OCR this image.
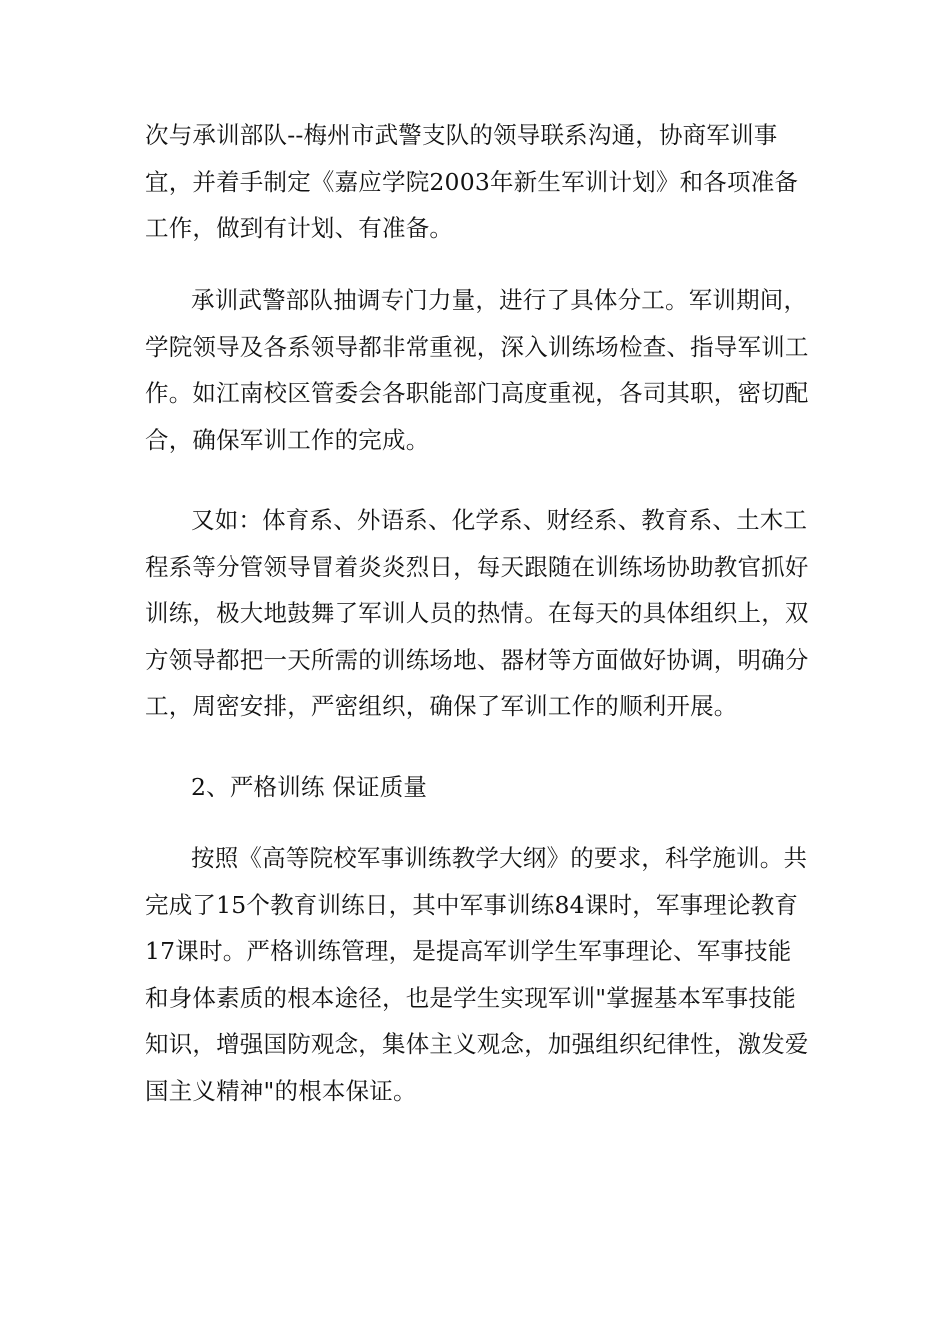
次与承训部队--梅州市武警支队的领导联系沟通，协商军训事
宜，并着手制定《嘉应学院2003年新生军训计划》和各项准备
工作，做到有计划、有准备。
承训武警部队抽调专门力量，进行了具体分工。军训期间，
学院领导及各系领导都非常重视，深入训练场检查、指导军训工
作。如江南校区管委会各职能部门高度重视，各司其职，密切配
合，确保军训工作的完成。
又如：体育系、外语系、化学系、财经系、教育系、土木工
程系等分管领导冒着炎炎烈日，每天跟随在训练场协助教官抓好
训练，极大地鼓舞了军训人员的热情。在每天的具体组织上，双
方领导都把一天所需的训练场地、器材等方面做好协调，明确分
工，周密安排，严密组织，确保了军训工作的顺利开展。
2、严格训练 保证质量
按照《高等院校军事训练教学大纲》的要求，科学施训。共
完成了15个教育训练日，其中军事训练84课时，军事理论教育
17课时。严格训练管理，是提高军训学生军事理论、军事技能
和身体素质的根本途径，也是学生实现军训"掌握基本军事技能
知识，增强国防观念，集体主义观念，加强组织纪律性，激发爱
国主义精神"的根本保证。
